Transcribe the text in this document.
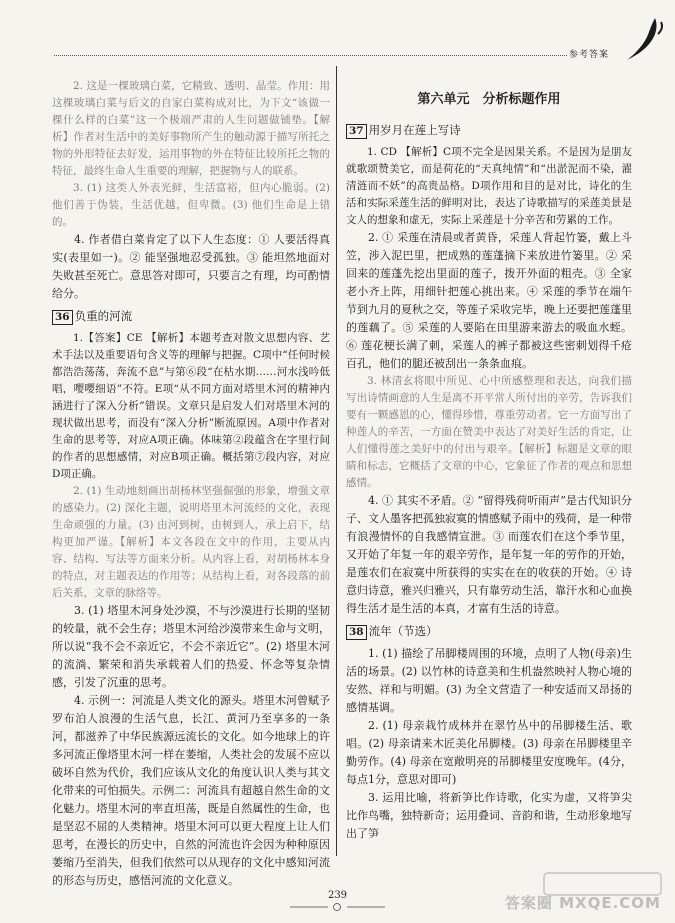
参考答案

2. 这是一棵玻璃白菜，它精致、透明、晶莹。作用：用这棵玻璃白菜与后文的自家白菜构成对比，为下文“该做一棵什么样的白菜”这一个极端严肃的人生问题做铺垫。【解析】作者对生活中的美好事物所产生的触动源于描写所托之物的外形特征去好发，运用事物的外在特征比较所托之物的特征，最终生命人生重要的理解，把握物与人的联系。

3. (1) 这类人外表光鲜，生活富裕，但内心脆弱。(2) 他们善于伪装，生活优越，但卑微。(3) 他们生命是上错的。

4. 作者借白菜肯定了以下人生态度：① 人要活得真实(表里如一)。② 能坚强地忍受孤独。③ 能坦然地面对失败甚至死亡。意思答对即可，只要言之有理，均可酌情给分。

36 负重的河流

1.【答案】CE 【解析】本题考查对散文思想内容、艺术手法以及重要语句含义等的理解与把握。C项中“任何时候都浩浩荡荡，奔流不息”与第⑥段“在枯水期……河水浅吟低唱，嘤嘤细语”不符。E项“从不同方面对塔里木河的精神内涵进行了深入分析”错误。文章只是启发人们对塔里木河的现状做出思考，而没有“深入分析”断流原因。A项中作者对生命的思考等，对应A项正确。体味第②段蕴含在字里行间的作者的思想感情，对应B项正确。概括第⑦段内容，对应D项正确。

2. (1) 生动地刻画出胡杨林坚强倔强的形象，增强文章的感染力。(2) 深化主题，说明塔里木河流经的文化，表现生命顽强的力量。(3) 由河到树，由树到人，承上启下，结构更加严谨。【解析】本文各段在文中的作用，主要从内容、结构、写法等方面来分析。从内容上看，对胡杨林本身的特点，对主题表达的作用等；从结构上看，对各段落的前后关系，文章的脉络等。

3. (1) 塔里木河身处沙漠，不与沙漠进行长期的坚韧的较量，就不会生存；塔里木河给沙漠带来生命与文明，所以说“我不会不亲近它，不会不亲近它”。(2) 塔里木河的流淌、繁荣和消失承载着人们的热爱、怀念等复杂情感，引发了沉重的思考。

4. 示例一：河流是人类文化的源头。塔里木河曾赋予罗布泊人浪漫的生活气息，长江、黄河乃至享多的一条河，都滋养了中华民族源远流长的文化。如今地球上的许多河流正像塔里木河一样在萎缩，人类社会的发展不应以破坏自然为代价，我们应该从文化的角度认识人类与其文化带来的可怕损失。示例二：河流具有超越自然生命的文化魅力。塔里木河的率直坦荡，既是自然属性的生命，也是坚忍不屈的人类精神。塔里木河可以更大程度上让人们思考，在漫长的历史中，自然的河流也许会因为种种原因萎缩乃至消失，但我们依然可以从现存的文化中感知河流的形态与历史，感悟河流的文化意义。

第六单元　分析标题作用
37 用岁月在莲上写诗

1. CD 【解析】C项不完全是因果关系。不是因为是朋友就歌颂赞美它，而是荷花的“天真纯情”和“出淤泥而不染，濯清涟而不妖”的高贵品格。D项作用和目的是对比，诗化的生活和实际采莲生活的鲜明对比，表达了诗歌描写的采莲美景是文人的想象和虚无，实际上采莲是十分辛苦和劳累的工作。

2. ① 采莲在清晨或者黄昏，采莲人背起竹篓，戴上斗笠，涉入泥巴里，把成熟的莲蓬摘下来放进竹篓里。② 采回来的莲蓬先挖出里面的莲子，拨开外面的粗壳。③ 全家老小齐上阵，用细针把莲心挑出来。④ 采莲的季节在端午节到九月的夏秋之交，等莲子采收完毕，晚上还要把莲蓬里的莲藕了。⑤ 采莲的人要陷在田里游来游去的吸血水蛭。⑥ 莲花梗长满了刺，采莲人的裤子都被这些密刺划得千疮百孔，他们的腿还被刮出一条条血痕。

3. 林清玄将眼中所见、心中所感整理和表达，向我们描写出诗情画意的人生是离不开平常人所付出的辛劳，告诉我们要有一颗感恩的心，懂得珍惜，尊重劳动者。它一方面写出了种莲人的辛苦，一方面在赞美中表达了对美好生活的肯定，让人们懂得莲之美好中的付出与艰辛。【解析】标题是文章的眼睛和标志，它概括了文章的中心，它象征了作者的观点和思想感情。

4. ① 其实不矛盾。② “留得残荷听雨声”是古代知识分子、文人墨客把孤独寂寞的情感赋予雨中的残荷，是一种带有浪漫情怀的自我感情宣泄。③ 而莲农们在这个季节里，又开始了年复一年的艰辛劳作，是年复一年的劳作的开始，是莲农们在寂寞中所获得的实实在在的收获的开始。④ 诗意归诗意，雅兴归雅兴，只有靠劳动生活，靠汗水和心血换得生活才是生活的本真，才富有生活的诗意。

38 流年（节选）

1. (1) 描绘了吊脚楼周围的环境，点明了人物(母亲)生活的场景。(2) 以竹林的诗意美和生机盎然映衬人物心境的安然、祥和与明媚。(3) 为全文营造了一种安适而又昂扬的感情基调。

2. (1) 母亲栽竹成林并在翠竹丛中的吊脚楼生活、歌唱。(2) 母亲请来木匠美化吊脚楼。(3) 母亲在吊脚楼里辛勤劳作。(4) 母亲在宽敞明亮的吊脚楼里安度晚年。(4分，每点1分，意思对即可)

3. 运用比喻，将新笋比作诗歌，化实为虚，又将笋尖比作鸟嘴，独特新奇；运用叠词、音韵和谐，生动形象地写出了笋

239	答案圈 MXQE.COM
